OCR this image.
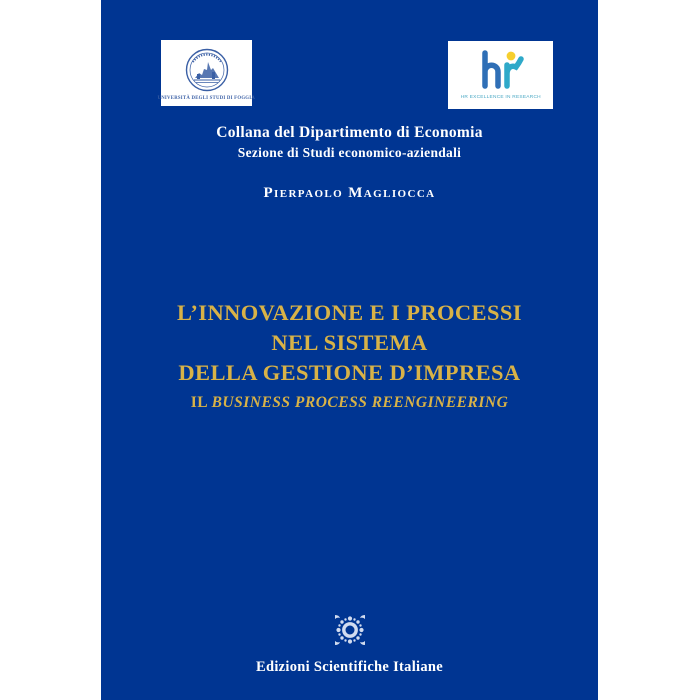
UNIVERSITÀ DEGLI STUDI DI FOGGIA	HR EXCELLENCE IN RESEARCH
Collana del Dipartimento di Economia
Sezione di Studi economico-aziendali
Pierpaolo Magliocca
L’INNOVAZIONE E I PROCESSI
NEL SISTEMA
DELLA GESTIONE D’IMPRESA
IL BUSINESS PROCESS REENGINEERING
Edizioni Scientifiche Italiane
